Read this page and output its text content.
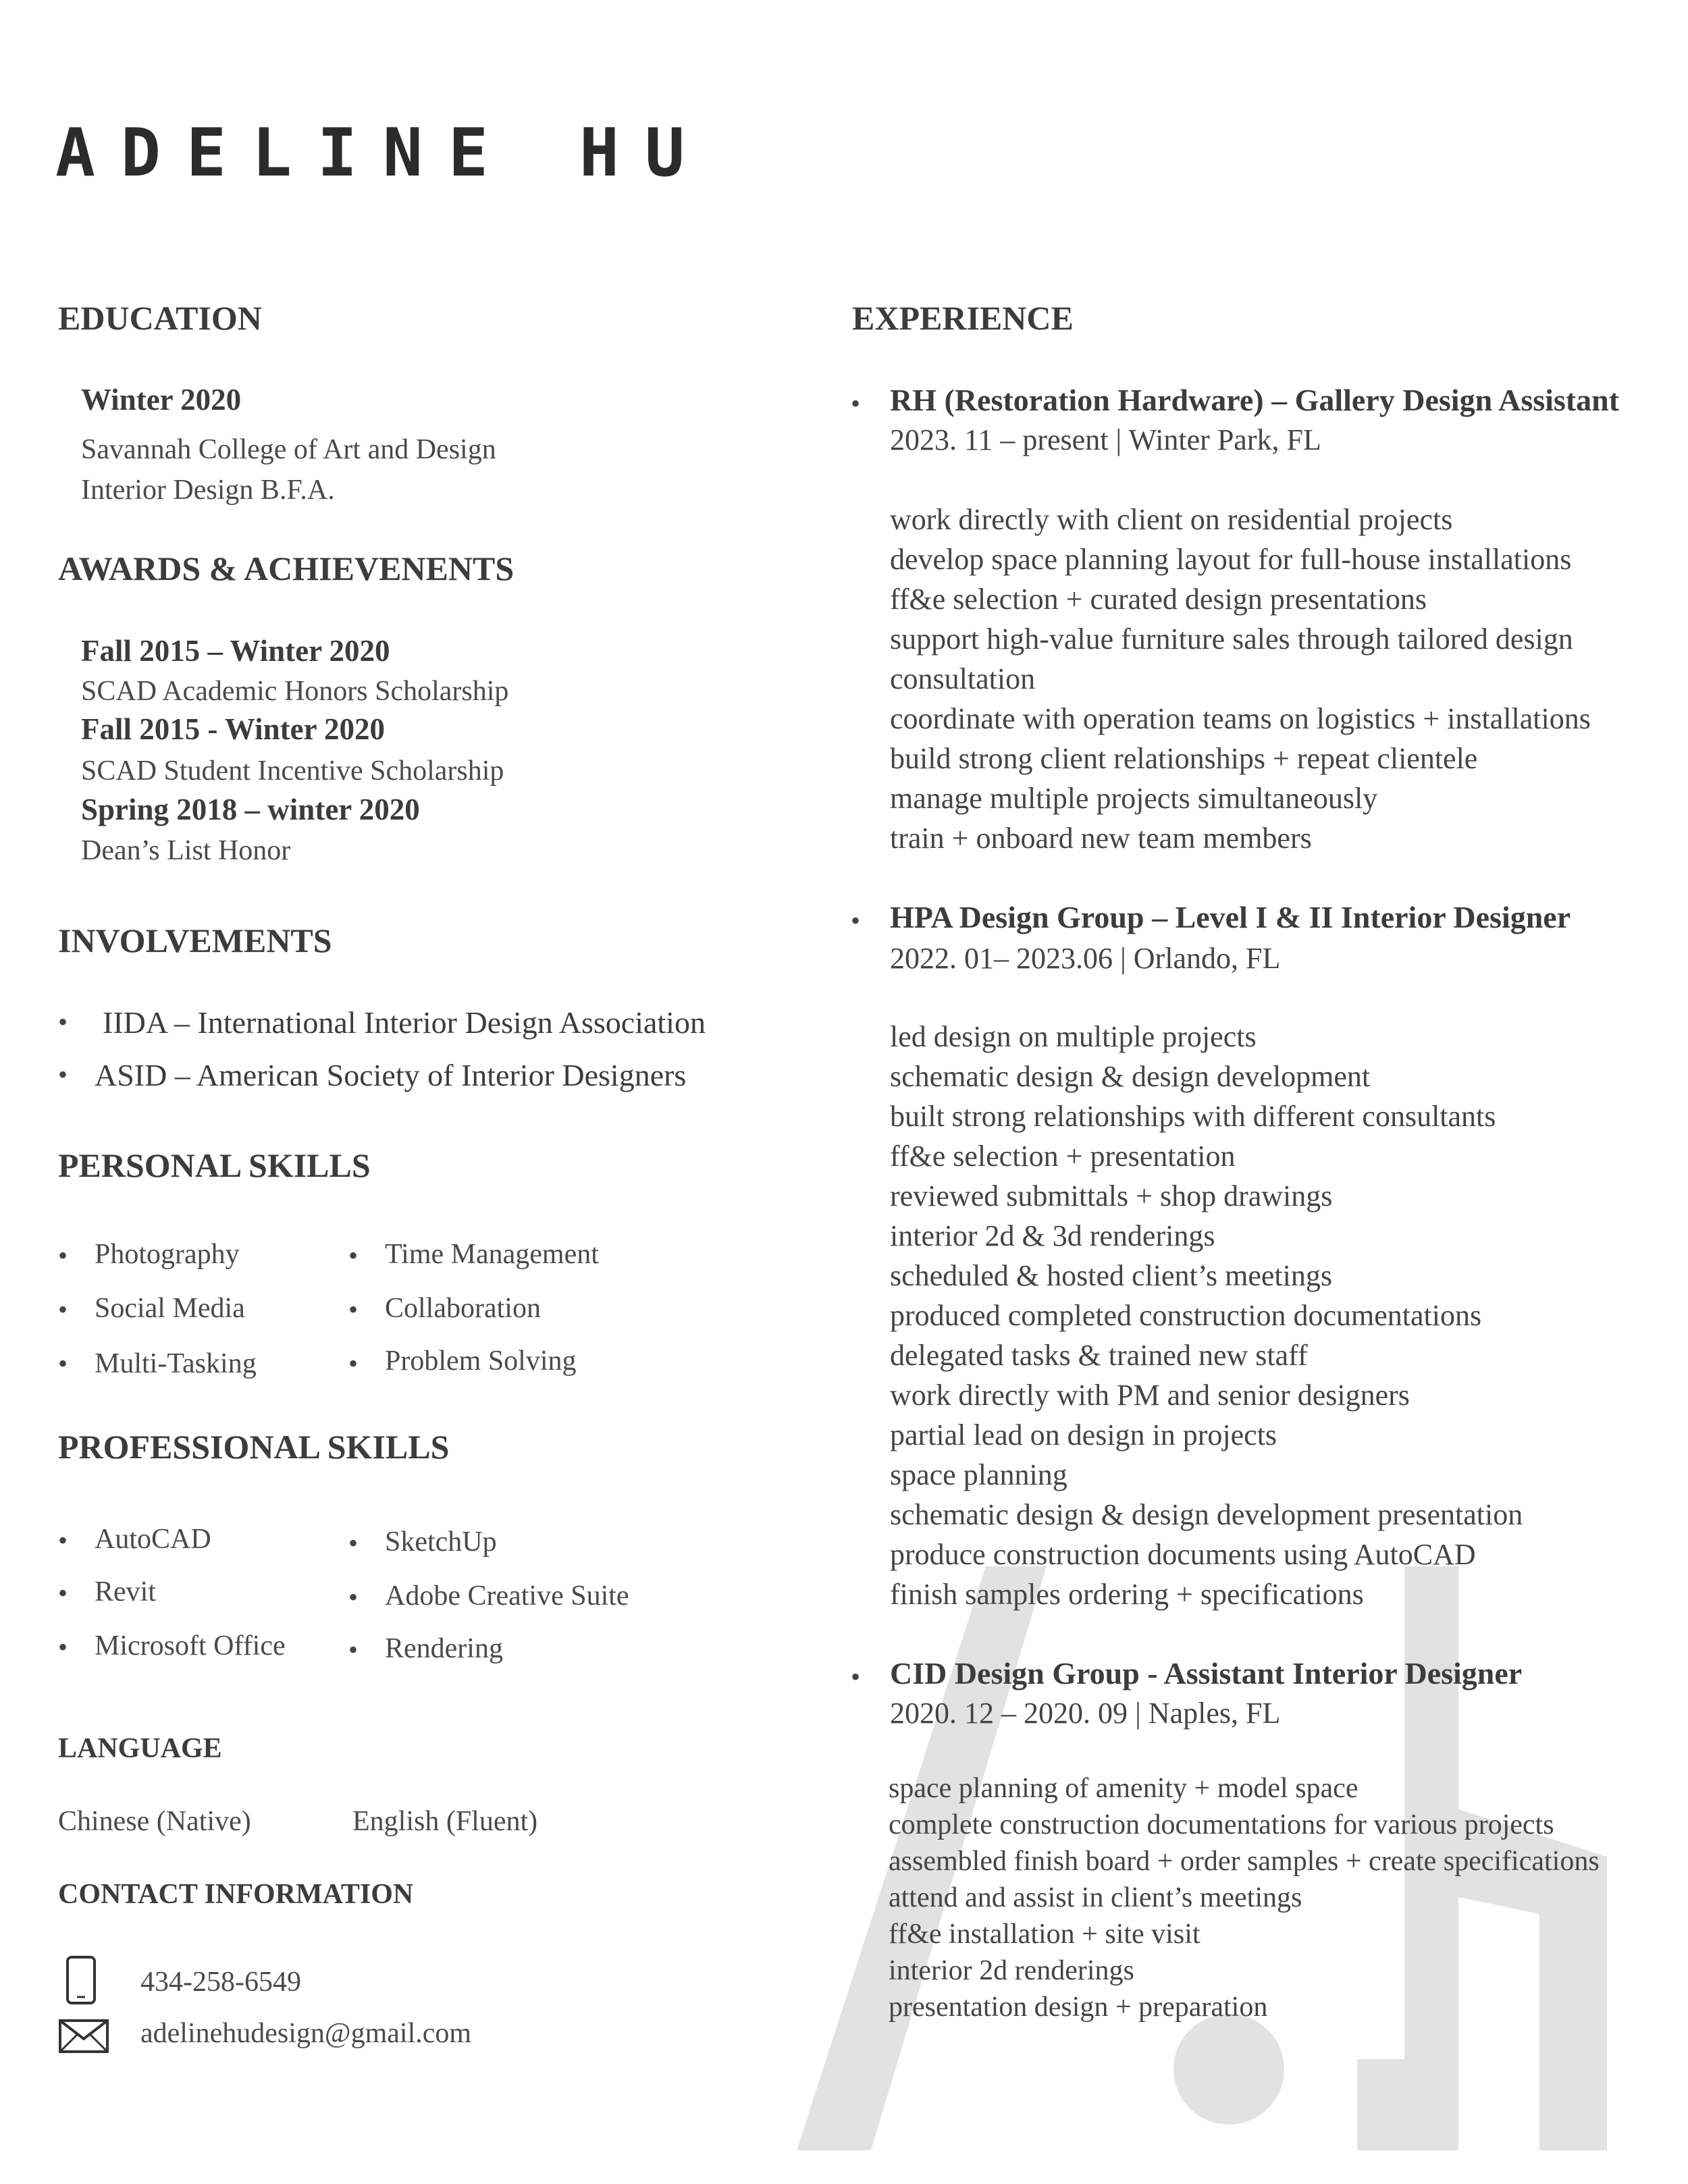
ADELINE HU
EDUCATION
Winter 2020
Savannah College of Art and Design
Interior Design B.F.A.
AWARDS & ACHIEVENENTS
Fall 2015 – Winter 2020
SCAD Academic Honors Scholarship
Fall 2015 - Winter 2020
SCAD Student Incentive Scholarship
Spring 2018 – winter 2020
Dean’s List Honor
INVOLVEMENTS
• IIDA – International Interior Design Association
• ASID – American Society of Interior Designers
PERSONAL SKILLS
• Photography
• Social Media
• Multi-Tasking
• Time Management
• Collaboration
• Problem Solving
PROFESSIONAL SKILLS
• AutoCAD
• Revit
• Microsoft Office
• SketchUp
• Adobe Creative Suite
• Rendering
LANGUAGE
Chinese (Native)	English (Fluent)
CONTACT INFORMATION
434-258-6549
adelinehudesign@gmail.com
EXPERIENCE
• RH (Restoration Hardware) – Gallery Design Assistant
2023. 11 – present | Winter Park, FL
work directly with client on residential projects
develop space planning layout for full-house installations
ff&e selection + curated design presentations
support high-value furniture sales through tailored design
consultation
coordinate with operation teams on logistics + installations
build strong client relationships + repeat clientele
manage multiple projects simultaneously
train + onboard new team members
• HPA Design Group – Level I & II Interior Designer
2022. 01– 2023.06 | Orlando, FL
led design on multiple projects
schematic design & design development
built strong relationships with different consultants
ff&e selection + presentation
reviewed submittals + shop drawings
interior 2d & 3d renderings
scheduled & hosted client’s meetings
produced completed construction documentations
delegated tasks & trained new staff
work directly with PM and senior designers
partial lead on design in projects
space planning
schematic design & design development presentation
produce construction documents using AutoCAD
finish samples ordering + specifications
• CID Design Group - Assistant Interior Designer
2020. 12 – 2020. 09 | Naples, FL
space planning of amenity + model space
complete construction documentations for various projects
assembled finish board + order samples + create specifications
attend and assist in client’s meetings
ff&e installation + site visit
interior 2d renderings
presentation design + preparation
